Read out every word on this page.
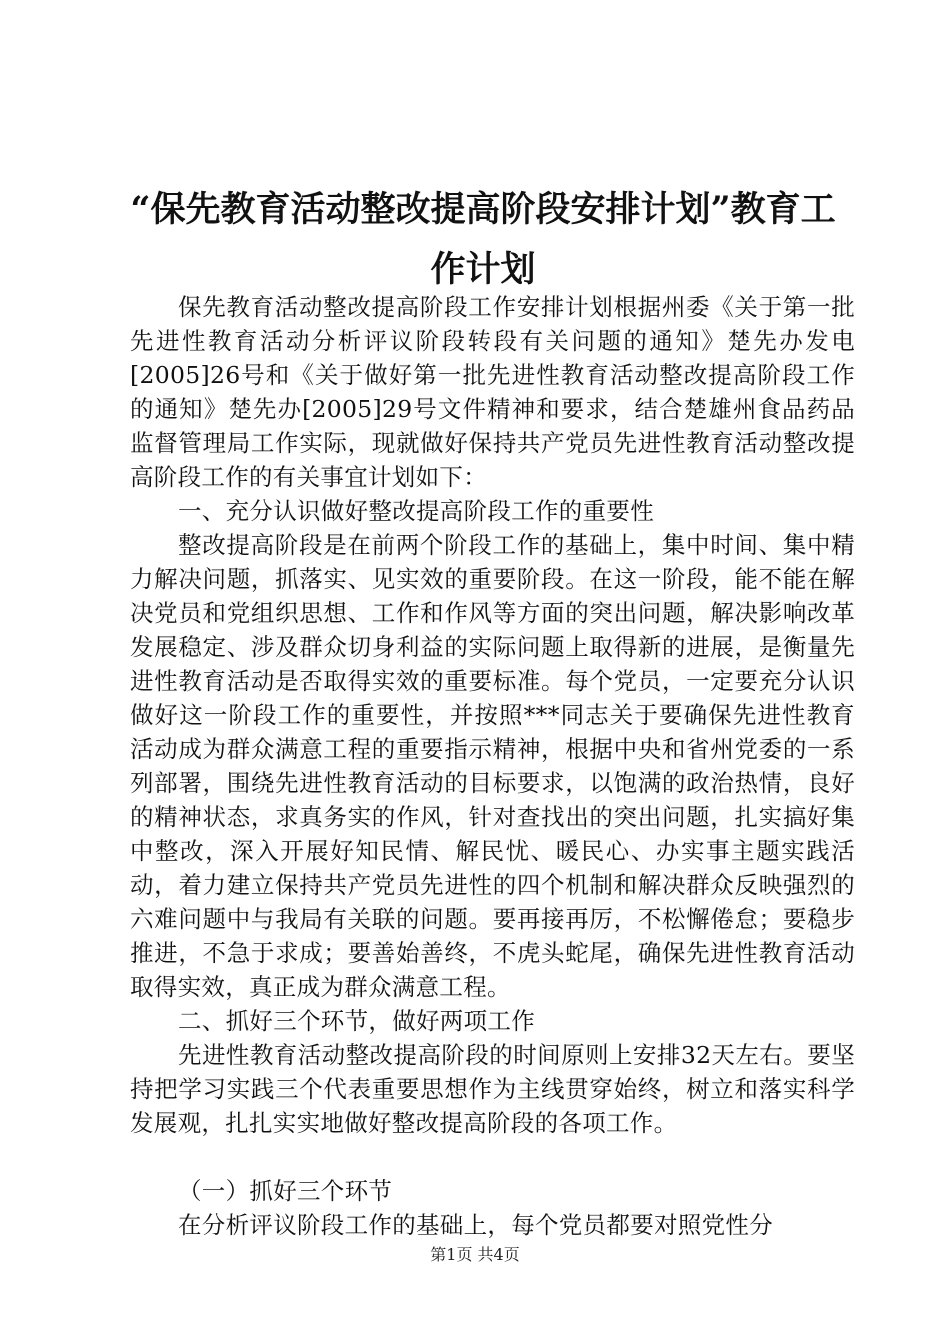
“保先教育活动整改提高阶段安排计划”教育工作计划

保先教育活动整改提高阶段工作安排计划根据州委《关于第一批先进性教育活动分析评议阶段转段有关问题的通知》楚先办发电[2005]26号和《关于做好第一批先进性教育活动整改提高阶段工作的通知》楚先办[2005]29号文件精神和要求，结合楚雄州食品药品监督管理局工作实际，现就做好保持共产党员先进性教育活动整改提高阶段工作的有关事宜计划如下：

一、充分认识做好整改提高阶段工作的重要性

整改提高阶段是在前两个阶段工作的基础上，集中时间、集中精力解决问题，抓落实、见实效的重要阶段。在这一阶段，能不能在解决党员和党组织思想、工作和作风等方面的突出问题，解决影响改革发展稳定、涉及群众切身利益的实际问题上取得新的进展，是衡量先进性教育活动是否取得实效的重要标准。每个党员，一定要充分认识做好这一阶段工作的重要性，并按照***同志关于要确保先进性教育活动成为群众满意工程的重要指示精神，根据中央和省州党委的一系列部署，围绕先进性教育活动的目标要求，以饱满的政治热情，良好的精神状态，求真务实的作风，针对查找出的突出问题，扎实搞好集中整改，深入开展好知民情、解民忧、暖民心、办实事主题实践活动，着力建立保持共产党员先进性的四个机制和解决群众反映强烈的六难问题中与我局有关联的问题。要再接再厉，不松懈倦怠；要稳步推进，不急于求成；要善始善终，不虎头蛇尾，确保先进性教育活动取得实效，真正成为群众满意工程。

二、抓好三个环节，做好两项工作

先进性教育活动整改提高阶段的时间原则上安排32天左右。要坚持把学习实践三个代表重要思想作为主线贯穿始终，树立和落实科学发展观，扎扎实实地做好整改提高阶段的各项工作。

（一）抓好三个环节

在分析评议阶段工作的基础上，每个党员都要对照党性分

第1页 共4页
